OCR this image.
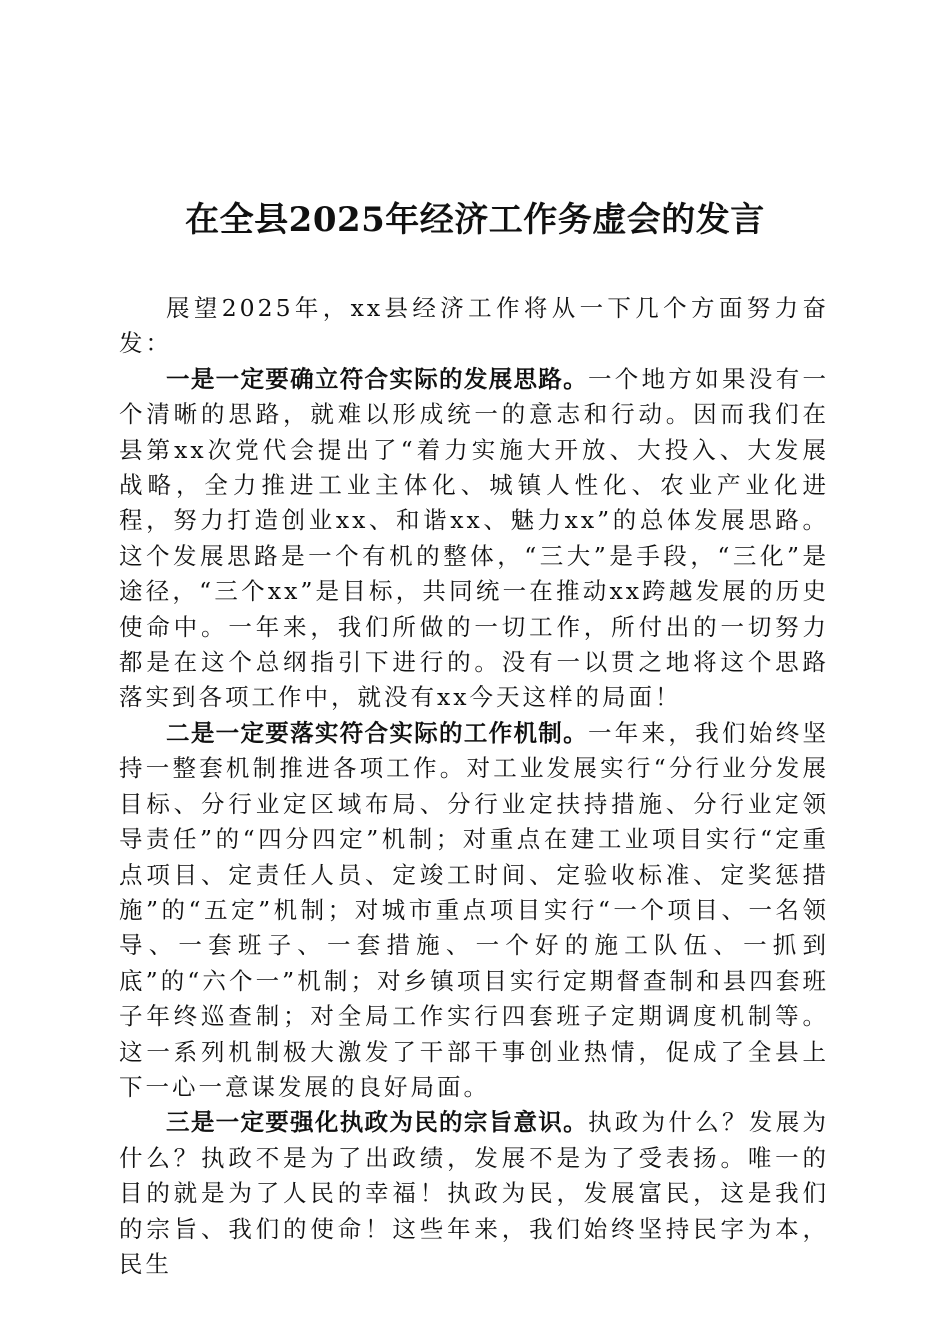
在全县2025年经济工作务虚会的发言

展望2025年，xx县经济工作将从一下几个方面努力奋发：

一是一定要确立符合实际的发展思路。一个地方如果没有一个清晰的思路，就难以形成统一的意志和行动。因而我们在县第xx次党代会提出了“着力实施大开放、大投入、大发展战略，全力推进工业主体化、城镇人性化、农业产业化进程，努力打造创业xx、和谐xx、魅力xx”的总体发展思路。这个发展思路是一个有机的整体，“三大”是手段，“三化”是途径，“三个xx”是目标，共同统一在推动xx跨越发展的历史使命中。一年来，我们所做的一切工作，所付出的一切努力都是在这个总纲指引下进行的。没有一以贯之地将这个思路落实到各项工作中，就没有xx今天这样的局面！

二是一定要落实符合实际的工作机制。一年来，我们始终坚持一整套机制推进各项工作。对工业发展实行“分行业分发展目标、分行业定区域布局、分行业定扶持措施、分行业定领导责任”的“四分四定”机制；对重点在建工业项目实行“定重点项目、定责任人员、定竣工时间、定验收标准、定奖惩措施”的“五定”机制；对城市重点项目实行“一个项目、一名领导、一套班子、一套措施、一个好的施工队伍、一抓到底”的“六个一”机制；对乡镇项目实行定期督查制和县四套班子年终巡查制；对全局工作实行四套班子定期调度机制等。这一系列机制极大激发了干部干事创业热情，促成了全县上下一心一意谋发展的良好局面。

三是一定要强化执政为民的宗旨意识。执政为什么？发展为什么？执政不是为了出政绩，发展不是为了受表扬。唯一的目的就是为了人民的幸福！执政为民，发展富民，这是我们的宗旨、我们的使命！这些年来，我们始终坚持民字为本，民生
